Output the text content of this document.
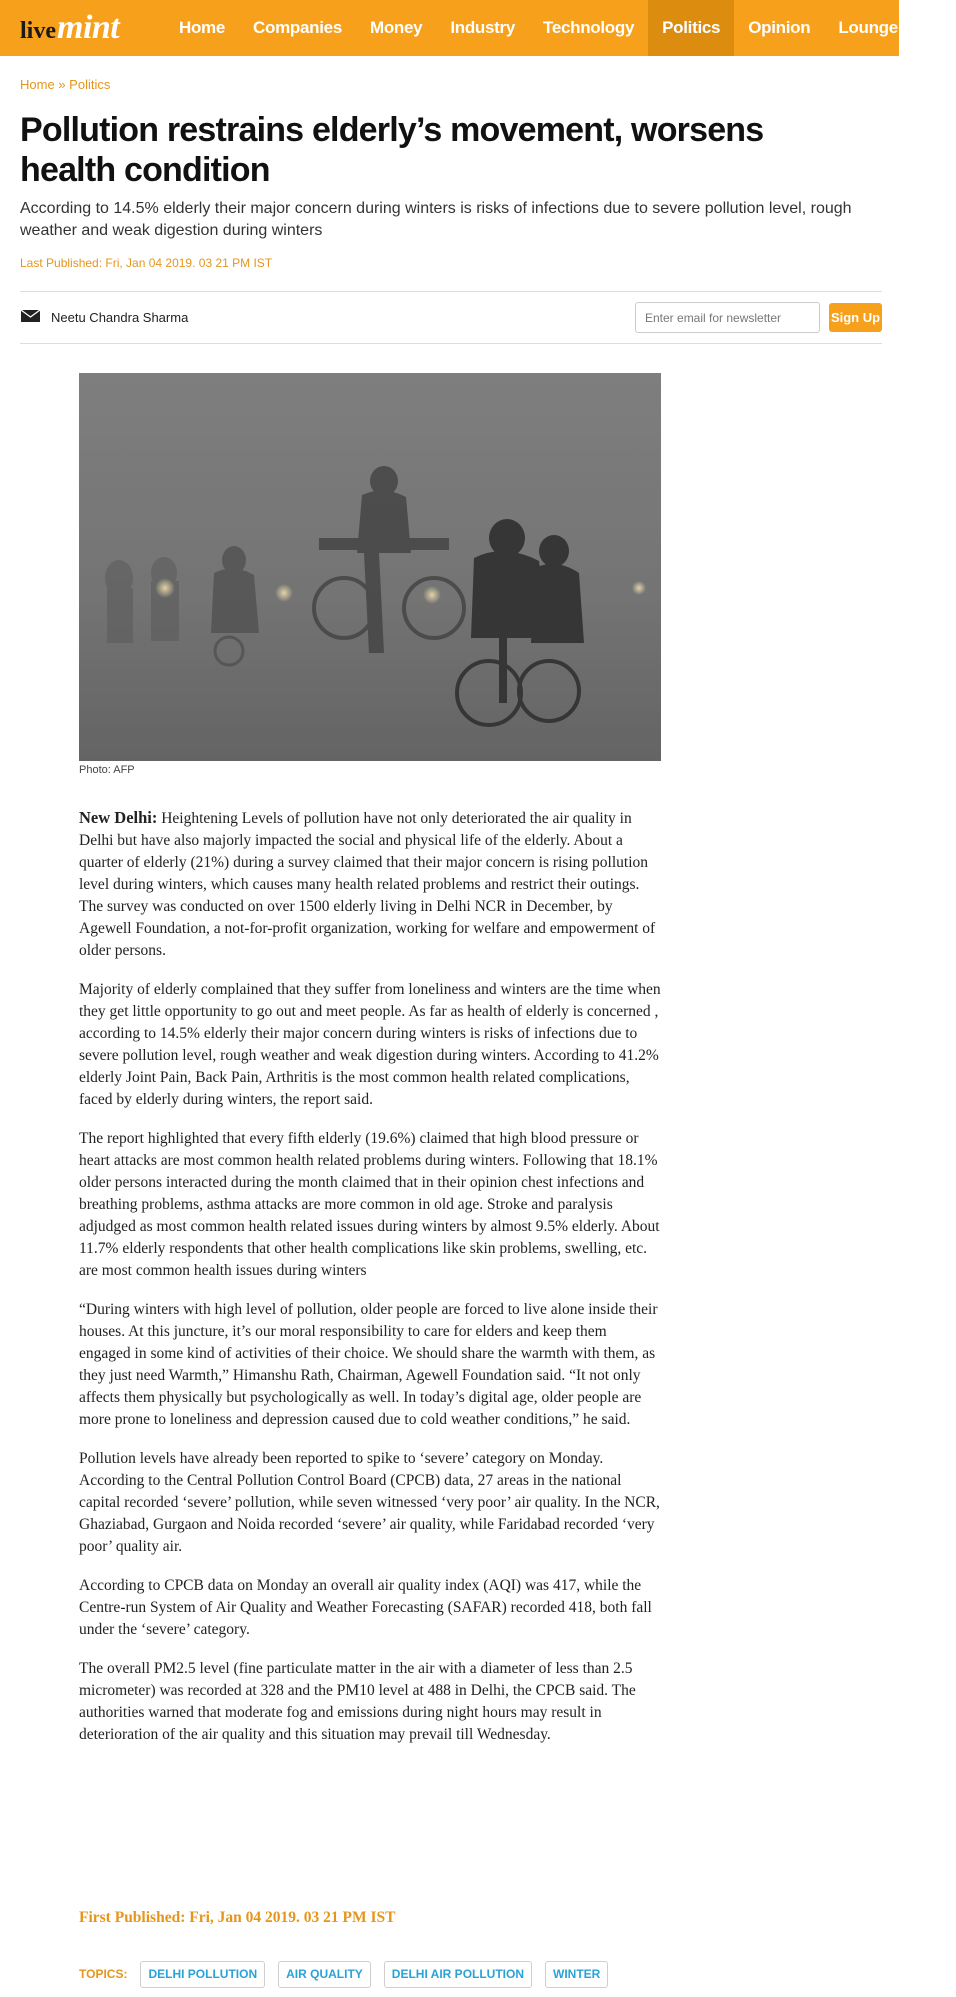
live mint	Home	Companies	Money	Industry	Technology	Politics	Opinion	Lounge	AI
Home » Politics
Pollution restrains elderly’s movement, worsens health condition
According to 14.5% elderly their major concern during winters is risks of infections due to severe pollution level, rough weather and weak digestion during winters
Last Published: Fri, Jan 04 2019. 03 21 PM IST
Neetu Chandra Sharma
Enter email for newsletter	Sign Up
Photo: AFP

New Delhi: Heightening Levels of pollution have not only deteriorated the air quality in Delhi but have also majorly impacted the social and physical life of the elderly. About a quarter of elderly (21%) during a survey claimed that their major concern is rising pollution level during winters, which causes many health related problems and restrict their outings. The survey was conducted on over 1500 elderly living in Delhi NCR in December, by Agewell Foundation, a not-for-profit organization, working for welfare and empowerment of older persons.

Majority of elderly complained that they suffer from loneliness and winters are the time when they get little opportunity to go out and meet people. As far as health of elderly is concerned , according to 14.5% elderly their major concern during winters is risks of infections due to severe pollution level, rough weather and weak digestion during winters. According to 41.2% elderly Joint Pain, Back Pain, Arthritis is the most common health related complications, faced by elderly during winters, the report said.

The report highlighted that every fifth elderly (19.6%) claimed that high blood pressure or heart attacks are most common health related problems during winters. Following that 18.1% older persons interacted during the month claimed that in their opinion chest infections and breathing problems, asthma attacks are more common in old age. Stroke and paralysis adjudged as most common health related issues during winters by almost 9.5% elderly. About 11.7% elderly respondents that other health complications like skin problems, swelling, etc. are most common health issues during winters

“During winters with high level of pollution, older people are forced to live alone inside their houses. At this juncture, it’s our moral responsibility to care for elders and keep them engaged in some kind of activities of their choice. We should share the warmth with them, as they just need Warmth,” Himanshu Rath, Chairman, Agewell Foundation said. “It not only affects them physically but psychologically as well. In today’s digital age, older people are more prone to loneliness and depression caused due to cold weather conditions,” he said.

Pollution levels have already been reported to spike to ‘severe’ category on Monday. According to the Central Pollution Control Board (CPCB) data, 27 areas in the national capital recorded ‘severe’ pollution, while seven witnessed ‘very poor’ air quality. In the NCR, Ghaziabad, Gurgaon and Noida recorded ‘severe’ air quality, while Faridabad recorded ‘very poor’ quality air.

According to CPCB data on Monday an overall air quality index (AQI) was 417, while the Centre-run System of Air Quality and Weather Forecasting (SAFAR) recorded 418, both fall under the ‘severe’ category.

The overall PM2.5 level (fine particulate matter in the air with a diameter of less than 2.5 micrometer) was recorded at 328 and the PM10 level at 488 in Delhi, the CPCB said. The authorities warned that moderate fog and emissions during night hours may result in deterioration of the air quality and this situation may prevail till Wednesday.

First Published: Fri, Jan 04 2019. 03 21 PM IST
TOPICS:	DELHI POLLUTION	AIR QUALITY	DELHI AIR POLLUTION	WINTER
